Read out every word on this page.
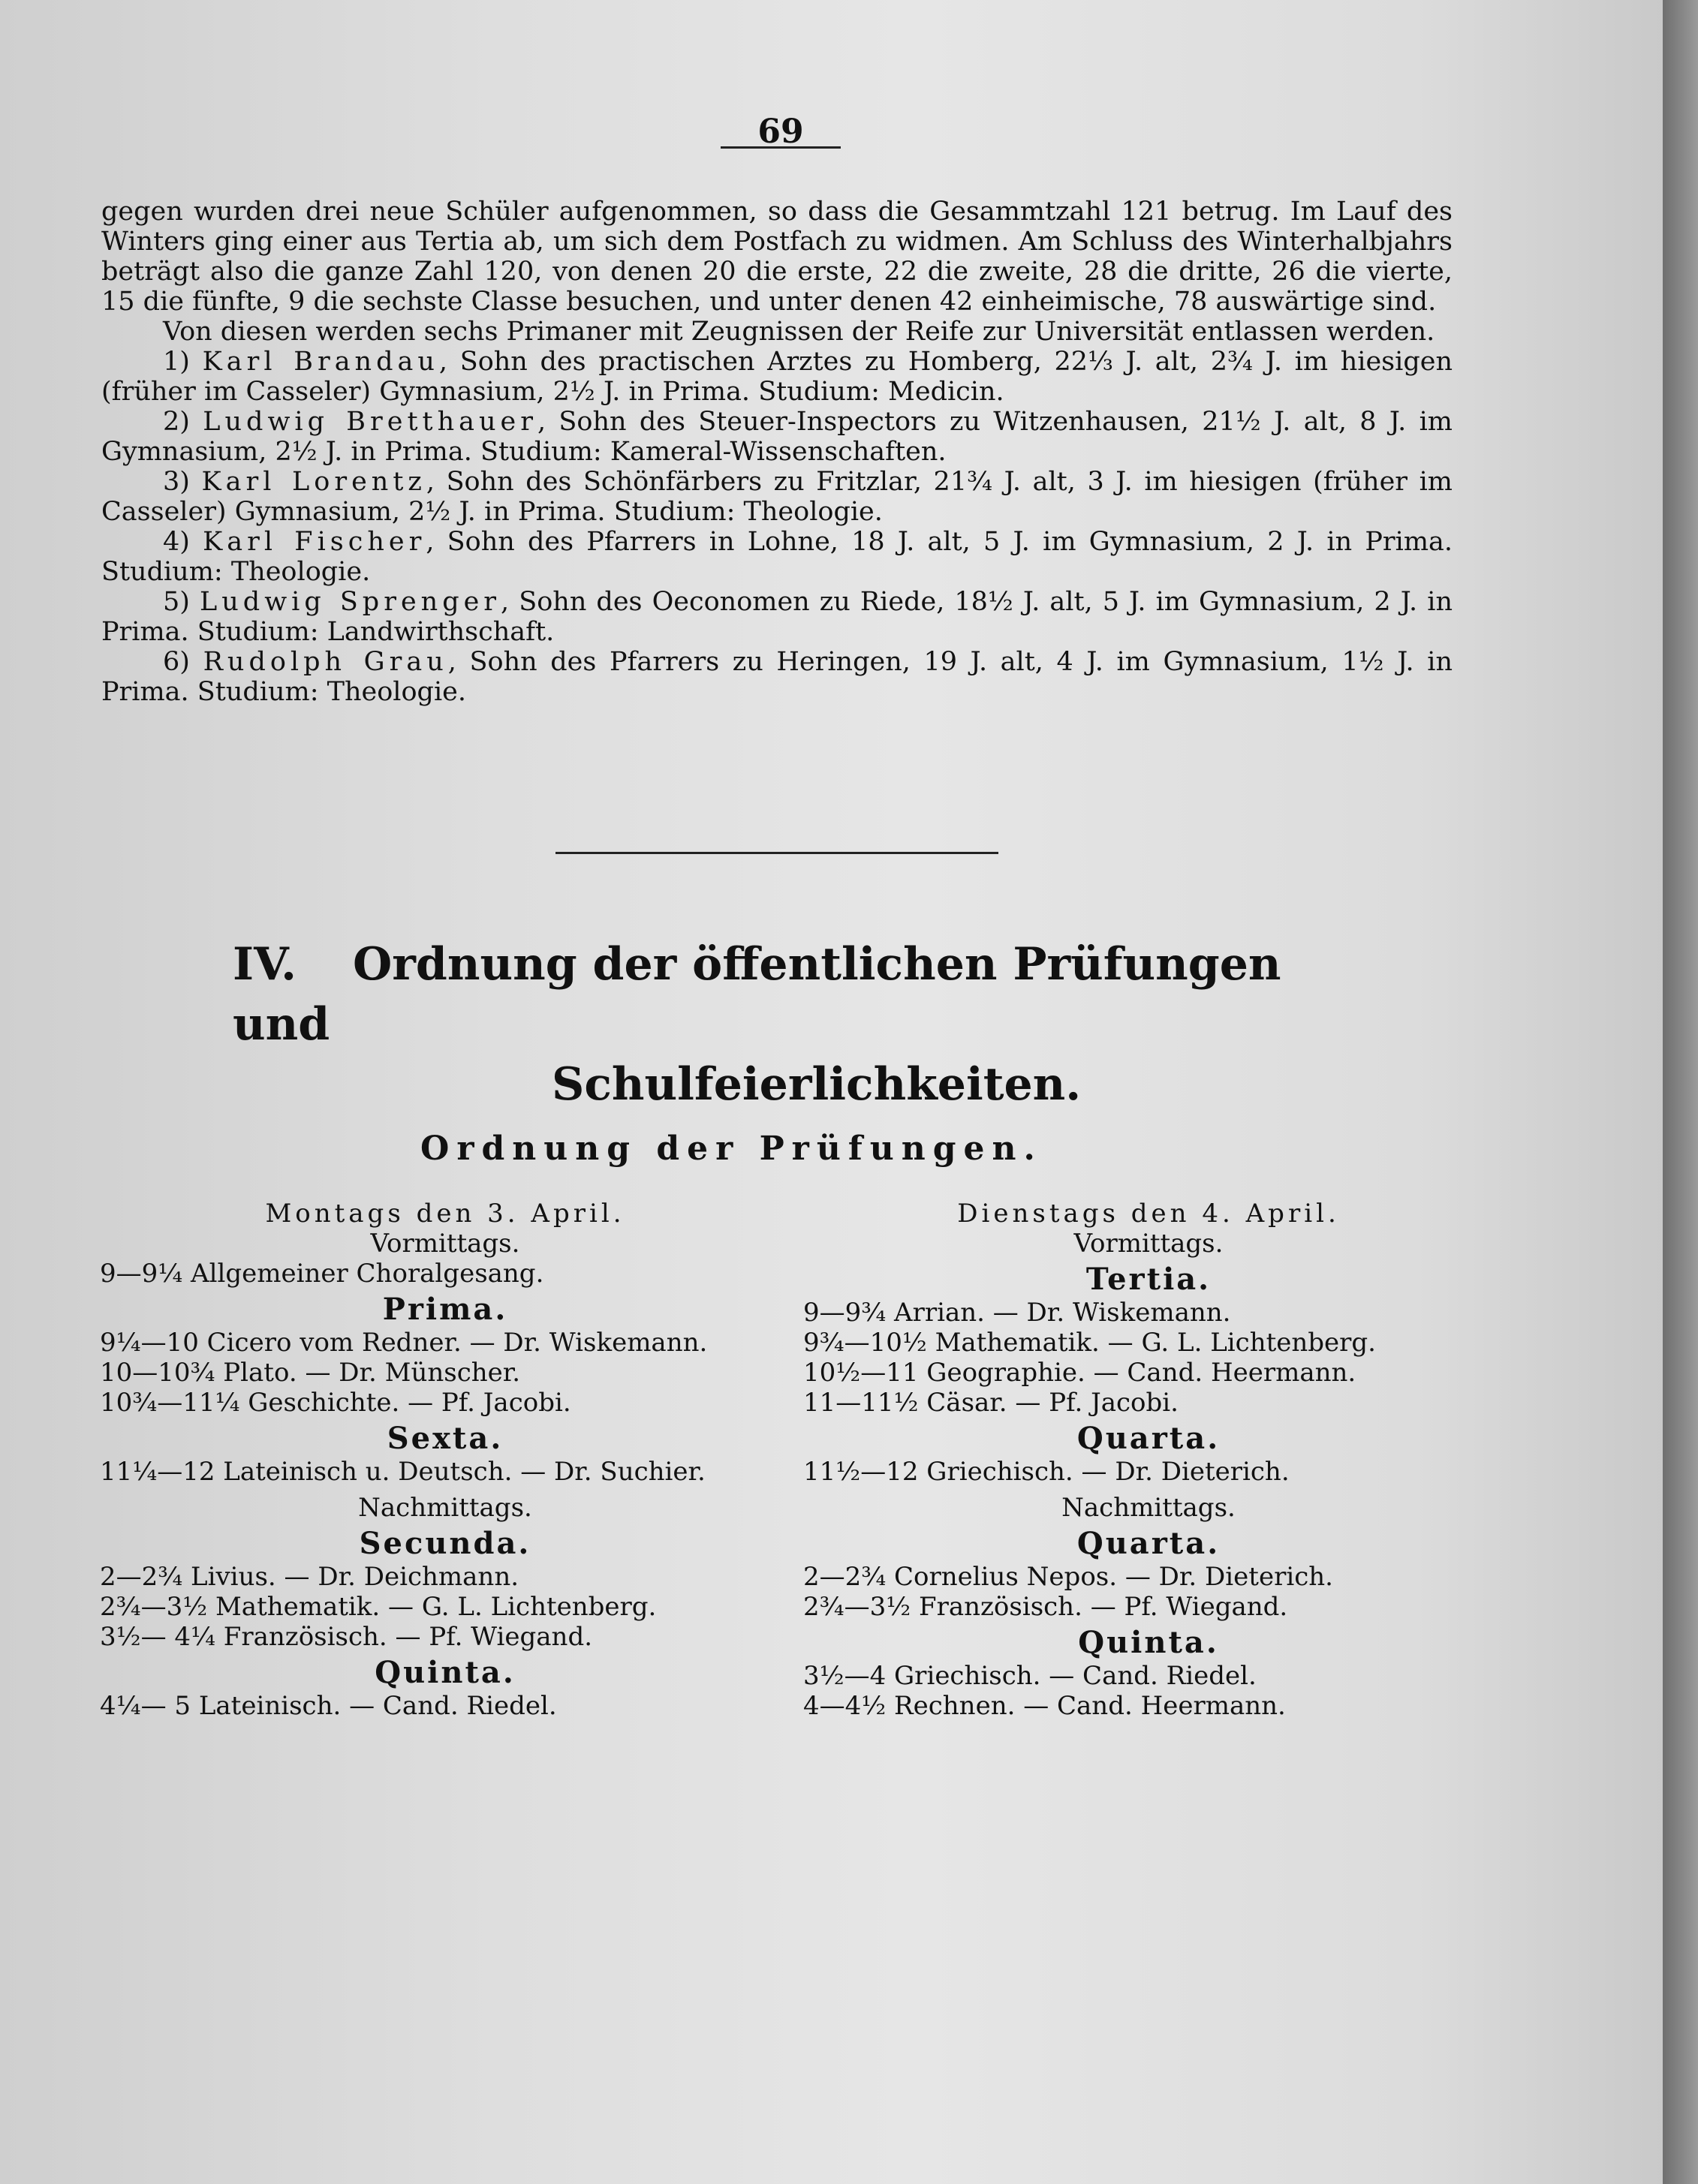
69

gegen wurden drei neue Schüler aufgenommen, so dass die Gesammtzahl 121 betrug. Im Lauf des Winters ging einer aus Tertia ab, um sich dem Postfach zu widmen. Am Schluss des Winterhalbjahrs beträgt also die ganze Zahl 120, von denen 20 die erste, 22 die zweite, 28 die dritte, 26 die vierte, 15 die fünfte, 9 die sechste Classe besuchen, und unter denen 42 einheimische, 78 auswärtige sind.

Von diesen werden sechs Primaner mit Zeugnissen der Reife zur Universität entlassen werden.

1) Karl Brandau, Sohn des practischen Arztes zu Homberg, 22⅓ J. alt, 2¾ J. im hiesigen (früher im Casseler) Gymnasium, 2½ J. in Prima. Studium: Medicin.

2) Ludwig Bretthauer, Sohn des Steuer-Inspectors zu Witzenhausen, 21½ J. alt, 8 J. im Gymnasium, 2½ J. in Prima. Studium: Kameral-Wissenschaften.

3) Karl Lorentz, Sohn des Schönfärbers zu Fritzlar, 21¾ J. alt, 3 J. im hiesigen (früher im Casseler) Gymnasium, 2½ J. in Prima. Studium: Theologie.

4) Karl Fischer, Sohn des Pfarrers in Lohne, 18 J. alt, 5 J. im Gymnasium, 2 J. in Prima. Studium: Theologie.

5) Ludwig Sprenger, Sohn des Oeconomen zu Riede, 18½ J. alt, 5 J. im Gymnasium, 2 J. in Prima. Studium: Landwirthschaft.

6) Rudolph Grau, Sohn des Pfarrers zu Heringen, 19 J. alt, 4 J. im Gymnasium, 1½ J. in Prima. Studium: Theologie.

IV. Ordnung der öffentlichen Prüfungen und
Schulfeierlichkeiten.
Ordnung der Prüfungen.
Montags den 3. April.
Vormittags.
9—9¼ Allgemeiner Choralgesang.
Prima.
9¼—10 Cicero vom Redner. — Dr. Wiskemann.
10—10¾ Plato. — Dr. Münscher.
10¾—11¼ Geschichte. — Pf. Jacobi.
Sexta.
11¼—12 Lateinisch u. Deutsch. — Dr. Suchier.
Nachmittags.
Secunda.
2—2¾ Livius. — Dr. Deichmann.
2¾—3½ Mathematik. — G. L. Lichtenberg.
3½— 4¼ Französisch. — Pf. Wiegand.
Quinta.
4¼— 5 Lateinisch. — Cand. Riedel.
Dienstags den 4. April.
Vormittags.
Tertia.
9—9¾ Arrian. — Dr. Wiskemann.
9¾—10½ Mathematik. — G. L. Lichtenberg.
10½—11 Geographie. — Cand. Heermann.
11—11½ Cäsar. — Pf. Jacobi.
Quarta.
11½—12 Griechisch. — Dr. Dieterich.
Nachmittags.
Quarta.
2—2¾ Cornelius Nepos. — Dr. Dieterich.
2¾—3½ Französisch. — Pf. Wiegand.
Quinta.
3½—4 Griechisch. — Cand. Riedel.
4—4½ Rechnen. — Cand. Heermann.
